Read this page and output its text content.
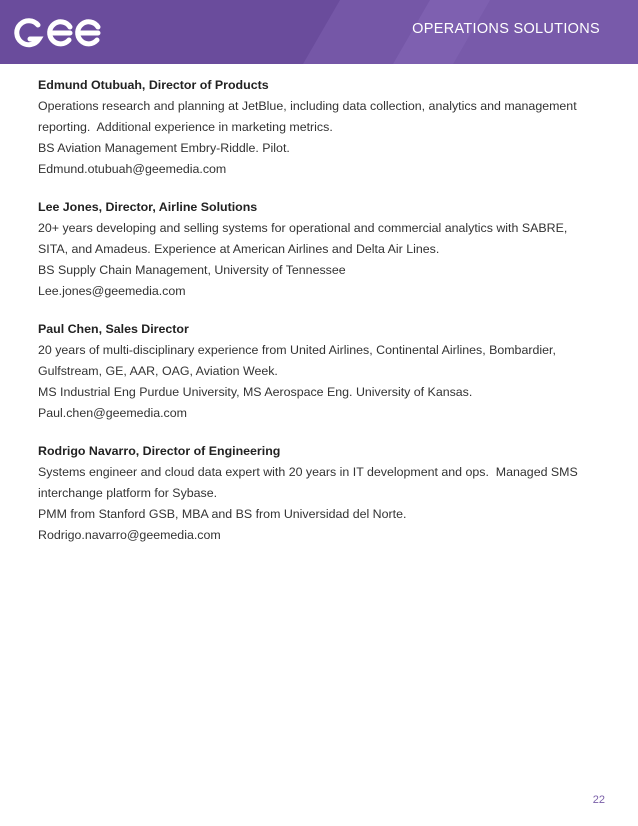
OPERATIONS SOLUTIONS
Edmund Otubuah, Director of Products
Operations research and planning at JetBlue, including data collection, analytics and management
reporting.  Additional experience in marketing metrics.
BS Aviation Management Embry-Riddle. Pilot.
Edmund.otubuah@geemedia.com
Lee Jones, Director, Airline Solutions
20+ years developing and selling systems for operational and commercial analytics with SABRE,
SITA, and Amadeus. Experience at American Airlines and Delta Air Lines.
BS Supply Chain Management, University of Tennessee
Lee.jones@geemedia.com
Paul Chen, Sales Director
20 years of multi-disciplinary experience from United Airlines, Continental Airlines, Bombardier,
Gulfstream, GE, AAR, OAG, Aviation Week.
MS Industrial Eng Purdue University, MS Aerospace Eng. University of Kansas.
Paul.chen@geemedia.com
Rodrigo Navarro, Director of Engineering
Systems engineer and cloud data expert with 20 years in IT development and ops.  Managed SMS
interchange platform for Sybase.
PMM from Stanford GSB, MBA and BS from Universidad del Norte.
Rodrigo.navarro@geemedia.com
22
